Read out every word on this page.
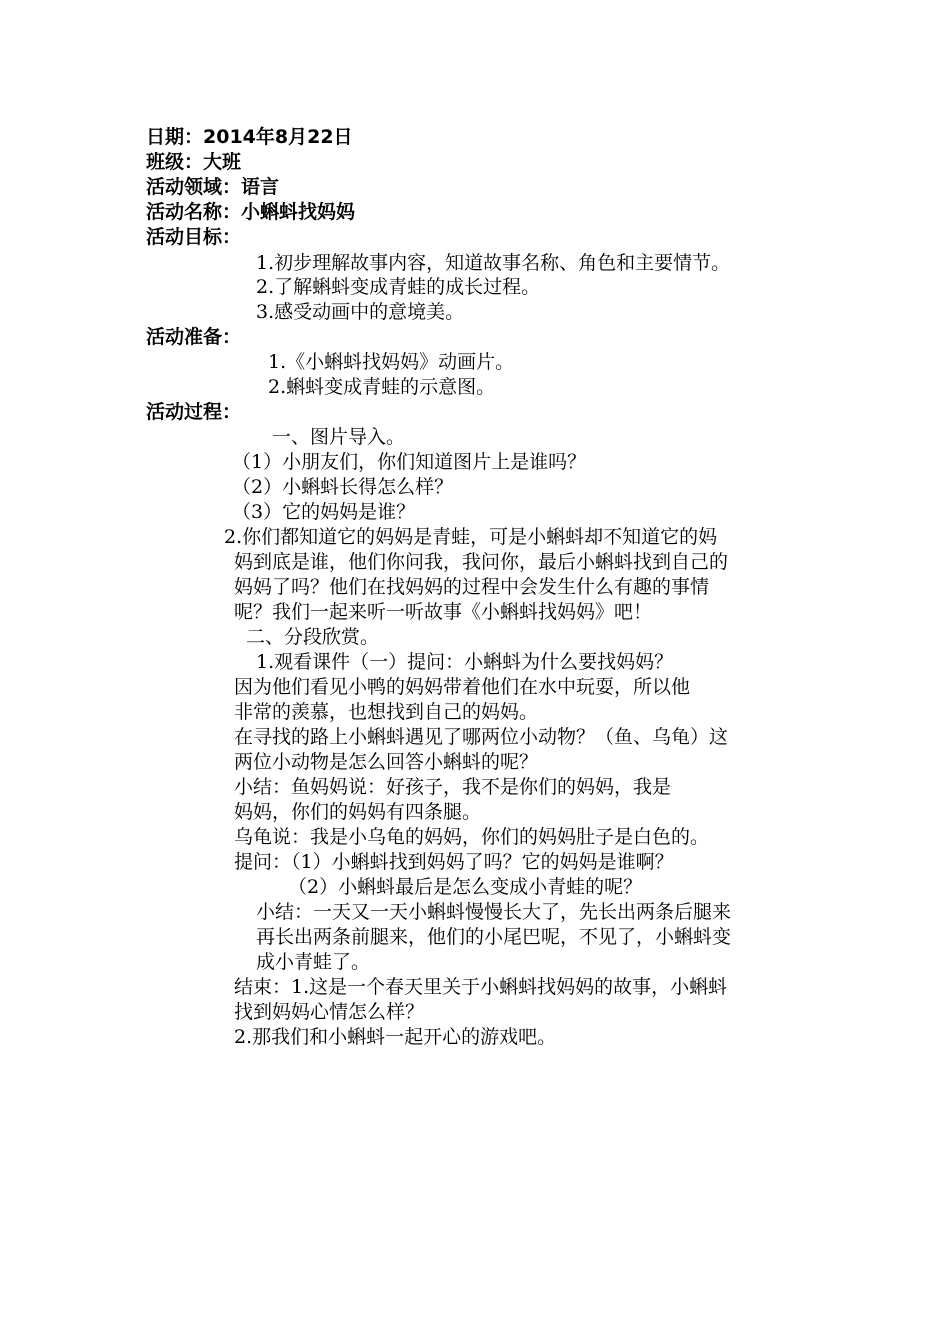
日期：2014年8月22日
班级：大班
活动领域：语言
活动名称：小蝌蚪找妈妈
活动目标：
1.初步理解故事内容，知道故事名称、角色和主要情节。
2.了解蝌蚪变成青蛙的成长过程。
3.感受动画中的意境美。
活动准备：
1.《小蝌蚪找妈妈》动画片。
2.蝌蚪变成青蛙的示意图。
活动过程：
一、图片导入。
（1）小朋友们，你们知道图片上是谁吗？
（2）小蝌蚪长得怎么样？
（3）它的妈妈是谁？
2.你们都知道它的妈妈是青蛙，可是小蝌蚪却不知道它的妈
妈到底是谁，他们你问我，我问你，最后小蝌蚪找到自己的
妈妈了吗？他们在找妈妈的过程中会发生什么有趣的事情
呢？我们一起来听一听故事《小蝌蚪找妈妈》吧！
二、分段欣赏。
1.观看课件（一）提问：小蝌蚪为什么要找妈妈？
因为他们看见小鸭的妈妈带着他们在水中玩耍，所以他
非常的羡慕，也想找到自己的妈妈。
在寻找的路上小蝌蚪遇见了哪两位小动物？（鱼、乌龟）这
两位小动物是怎么回答小蝌蚪的呢？
小结：鱼妈妈说：好孩子，我不是你们的妈妈，我是
妈妈，你们的妈妈有四条腿。
乌龟说：我是小乌龟的妈妈，你们的妈妈肚子是白色的。
提问：（1）小蝌蚪找到妈妈了吗？它的妈妈是谁啊？
（2）小蝌蚪最后是怎么变成小青蛙的呢？
小结：一天又一天小蝌蚪慢慢长大了，先长出两条后腿来
再长出两条前腿来，他们的小尾巴呢，不见了，小蝌蚪变
成小青蛙了。
结束：1.这是一个春天里关于小蝌蚪找妈妈的故事，小蝌蚪
找到妈妈心情怎么样？
2.那我们和小蝌蚪一起开心的游戏吧。
